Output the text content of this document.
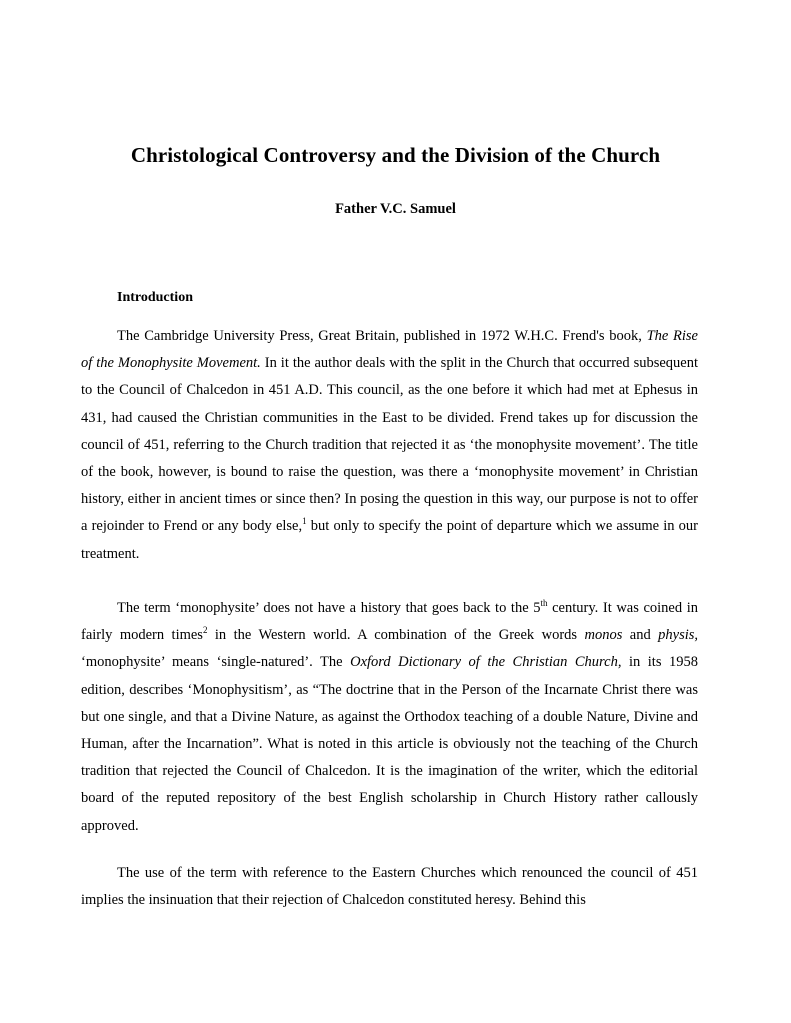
Christological Controversy and the Division of the Church

Father V.C. Samuel

Introduction

The Cambridge University Press, Great Britain, published in 1972 W.H.C. Frend's book, The Rise of the Monophysite Movement. In it the author deals with the split in the Church that occurred subsequent to the Council of Chalcedon in 451 A.D. This council, as the one before it which had met at Ephesus in 431, had caused the Christian communities in the East to be divided. Frend takes up for discussion the council of 451, referring to the Church tradition that rejected it as ‘the monophysite movement’. The title of the book, however, is bound to raise the question, was there a ‘monophysite movement’ in Christian history, either in ancient times or since then? In posing the question in this way, our purpose is not to offer a rejoinder to Frend or any body else,$^1$ but only to specify the point of departure which we assume in our treatment.

The term ‘monophysite’ does not have a history that goes back to the 5th century. It was coined in fairly modern times$^2$ in the Western world. A combination of the Greek words monos and physis, ‘monophysite’ means ‘single-natured’. The Oxford Dictionary of the Christian Church, in its 1958 edition, describes ‘Monophysitism’, as “The doctrine that in the Person of the Incarnate Christ there was but one single, and that a Divine Nature, as against the Orthodox teaching of a double Nature, Divine and Human, after the Incarnation”. What is noted in this article is obviously not the teaching of the Church tradition that rejected the Council of Chalcedon. It is the imagination of the writer, which the editorial board of the reputed repository of the best English scholarship in Church History rather callously approved.

The use of the term with reference to the Eastern Churches which renounced the council of 451 implies the insinuation that their rejection of Chalcedon constituted heresy. Behind this
